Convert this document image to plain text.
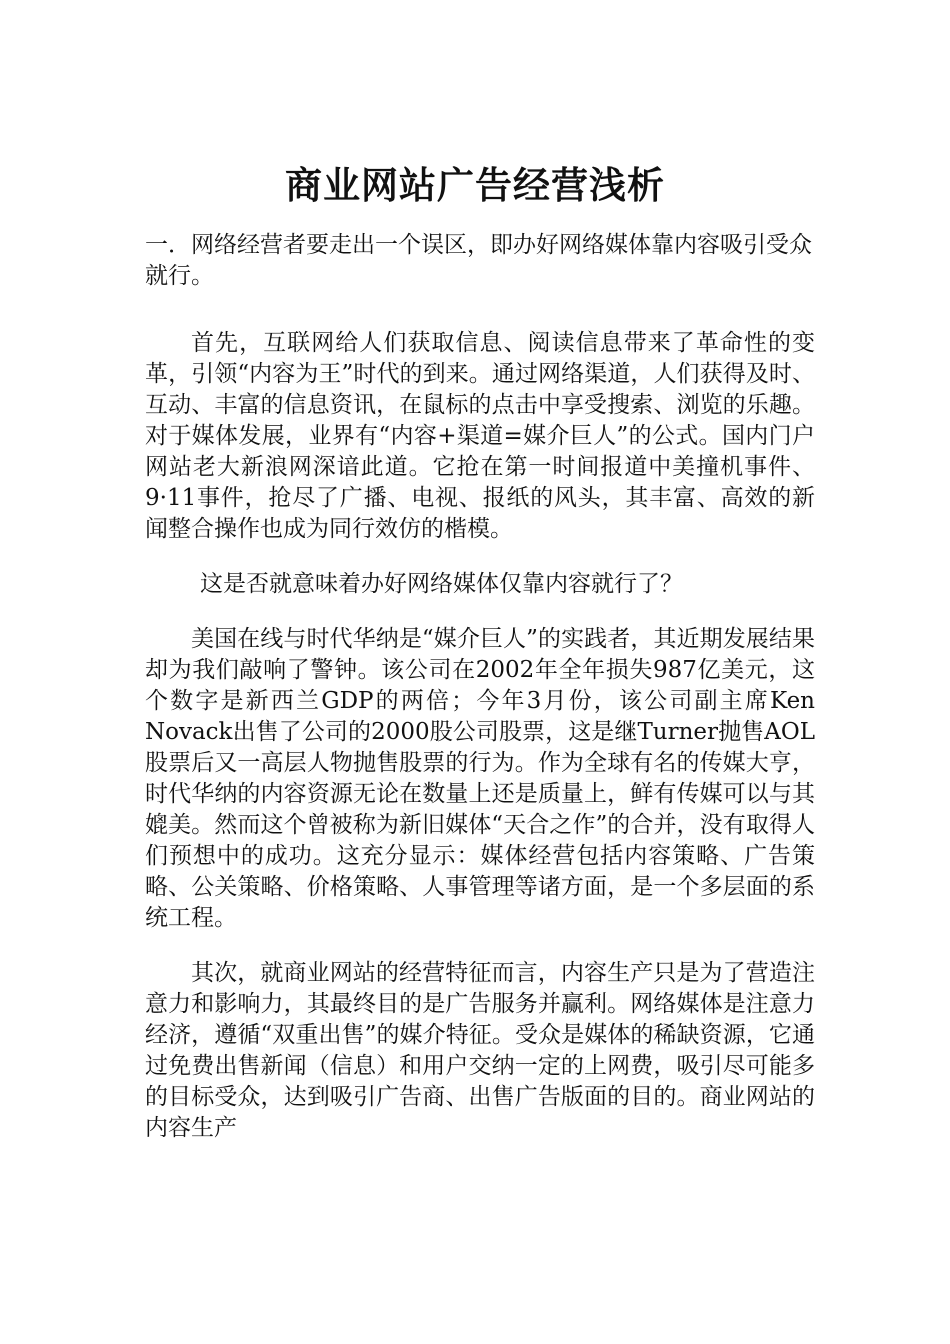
商业网站广告经营浅析

一．网络经营者要走出一个误区，即办好网络媒体靠内容吸引受众就行。

首先，互联网给人们获取信息、阅读信息带来了革命性的变革，引领“内容为王”时代的到来。通过网络渠道，人们获得及时、互动、丰富的信息资讯，在鼠标的点击中享受搜索、浏览的乐趣。对于媒体发展，业界有“内容+渠道=媒介巨人”的公式。国内门户网站老大新浪网深谙此道。它抢在第一时间报道中美撞机事件、9·11事件，抢尽了广播、电视、报纸的风头，其丰富、高效的新闻整合操作也成为同行效仿的楷模。

这是否就意味着办好网络媒体仅靠内容就行了？

美国在线与时代华纳是“媒介巨人”的实践者，其近期发展结果却为我们敲响了警钟。该公司在2002年全年损失987亿美元，这个数字是新西兰GDP的两倍；今年3月份，该公司副主席Ken Novack出售了公司的2000股公司股票，这是继Turner抛售AOL股票后又一高层人物抛售股票的行为。作为全球有名的传媒大亨，时代华纳的内容资源无论在数量上还是质量上，鲜有传媒可以与其媲美。然而这个曾被称为新旧媒体“天合之作”的合并，没有取得人们预想中的成功。这充分显示：媒体经营包括内容策略、广告策略、公关策略、价格策略、人事管理等诸方面，是一个多层面的系统工程。

其次，就商业网站的经营特征而言，内容生产只是为了营造注意力和影响力，其最终目的是广告服务并赢利。网络媒体是注意力经济，遵循“双重出售”的媒介特征。受众是媒体的稀缺资源，它通过免费出售新闻（信息）和用户交纳一定的上网费，吸引尽可能多的目标受众，达到吸引广告商、出售广告版面的目的。商业网站的内容生产
